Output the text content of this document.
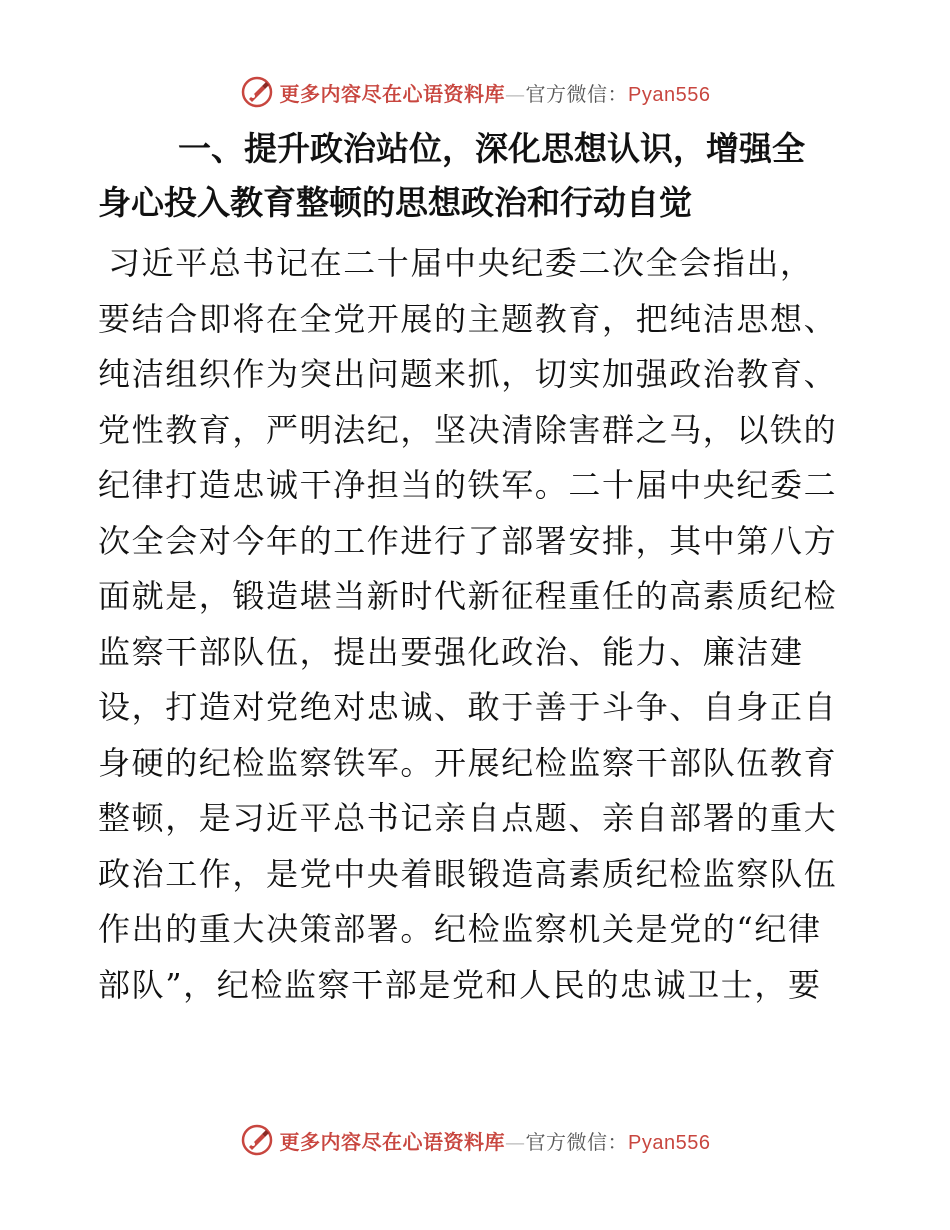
更多内容尽在心语资料库—官方微信：Pyan556
一、提升政治站位，深化思想认识，增强全
身心投入教育整顿的思想政治和行动自觉

习近平总书记在二十届中央纪委二次全会指出，
要结合即将在全党开展的主题教育，把纯洁思想、
纯洁组织作为突出问题来抓，切实加强政治教育、
党性教育，严明法纪，坚决清除害群之马，以铁的
纪律打造忠诚干净担当的铁军。二十届中央纪委二
次全会对今年的工作进行了部署安排，其中第八方
面就是，锻造堪当新时代新征程重任的高素质纪检
监察干部队伍，提出要强化政治、能力、廉洁建
设，打造对党绝对忠诚、敢于善于斗争、自身正自
身硬的纪检监察铁军。开展纪检监察干部队伍教育
整顿，是习近平总书记亲自点题、亲自部署的重大
政治工作，是党中央着眼锻造高素质纪检监察队伍
作出的重大决策部署。纪检监察机关是党的“纪律
部队”，纪检监察干部是党和人民的忠诚卫士，要

更多内容尽在心语资料库—官方微信：Pyan556
